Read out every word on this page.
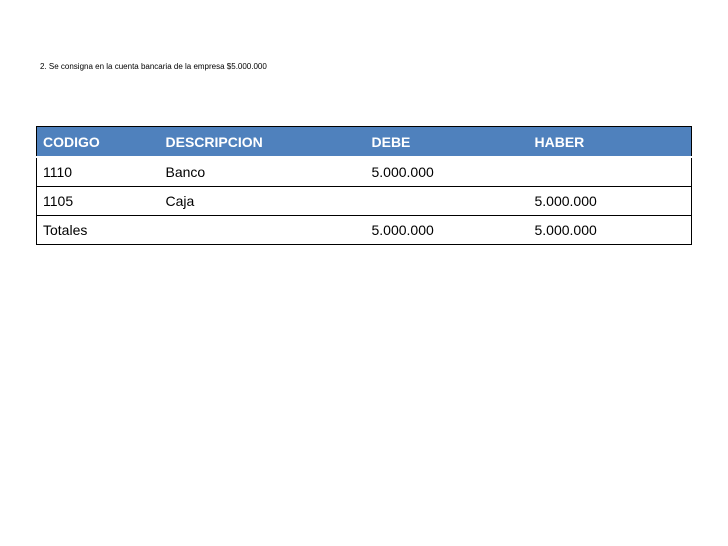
2. Se consigna en la cuenta bancaria de la empresa $5.000.000
CODIGO	DESCRIPCION	DEBE	HABER
1110	Banco	5.000.000	
1105	Caja		5.000.000
Totales		5.000.000	5.000.000
